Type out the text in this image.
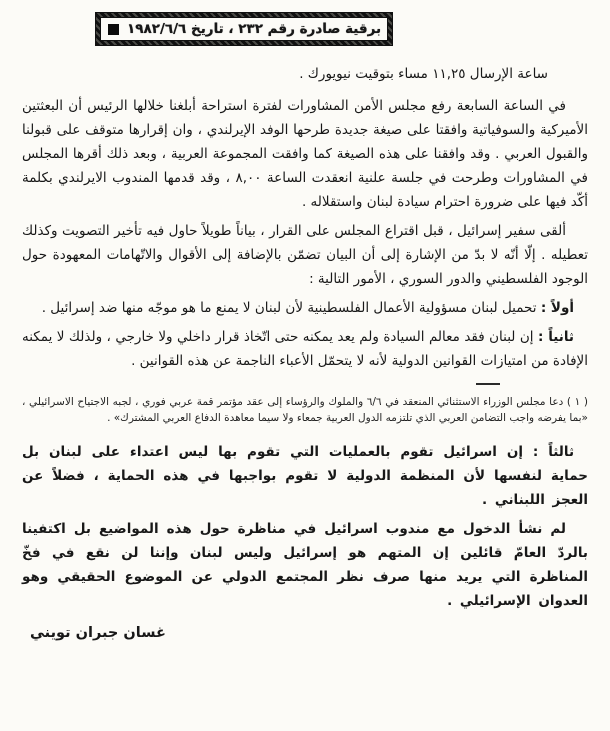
برقية صادرة رقم ٢٣٢ ، تاريخ ١٩٨٢/٦/٦

ساعة الإرسال ١١,٢٥ مساء بتوقيت نيويورك .

في الساعة السابعة رفع مجلس الأمن المشاورات لفترة استراحة أبلغنا خلالها الرئيس أن البعثتين الأميركية والسوفياتية وافقتا على صيغة جديدة طرحها الوفد الإيرلندي ، وان إقرارها متوقف على قبولنا والقبول العربي . وقد وافقنا على هذه الصيغة كما وافقت المجموعة العربية ، وبعد ذلك أقرها المجلس في المشاورات وطرحت في جلسة علنية انعقدت الساعة ٨,٠٠ ، وقد قدمها المندوب الايرلندي بكلمة أكّد فيها على ضرورة احترام سيادة لبنان واستقلاله .

ألقى سفير إسرائيل ، قبل اقتراع المجلس على القرار ، بياناً طويلاً حاول فيه تأخير التصويت وكذلك تعطيله . إلّا أنّه لا بدّ من الإشارة إلى أن البيان تضمّن بالإضافة إلى الأقوال والاتّهامات المعهودة حول الوجود الفلسطيني والدور السوري ، الأمور التالية :

أولاً : تحميل لبنان مسؤولية الأعمال الفلسطينية لأن لبنان لا يمنع ما هو موجّه منها ضد إسرائيل .

ثانياً : إن لبنان فقد معالم السيادة ولم يعد يمكنه حتى اتّخاذ قرار داخلي ولا خارجي ، ولذلك لا يمكنه الإفادة من امتيازات القوانين الدولية لأنه لا يتحمّل الأعباء الناجمة عن هذه القوانين .

( ١ ) دعا مجلس الوزراء الاستثنائي المنعقد في ٦/٦ والملوك والرؤساء إلى عقد مؤتمر قمة عربي فوري ، لجبه الاجتياح الاسرائيلي ، «بما يفرضه واجب التضامن العربي الذي تلتزمه الدول العربية جمعاء ولا سيما معاهدة الدفاع العربي المشترك» .

ثالثاً : إن اسرائيل تقوم بالعمليات التي تقوم بها ليس اعتداء على لبنان بل حماية لنفسها لأن المنظمة الدولية لا تقوم بواجبها في هذه الحماية ، فضلاً عن العجز اللبناني .

لم نشأ الدخول مع مندوب اسرائيل في مناظرة حول هذه المواضيع بل اكتفينا بالردّ العامّ قائلين إن المتهم هو إسرائيل وليس لبنان وإننا لن نقع في فخّ المناظرة التي يريد منها صرف نظر المجتمع الدولي عن الموضوع الحقيقي وهو العدوان الإسرائيلي .

غسان جبران تويني
